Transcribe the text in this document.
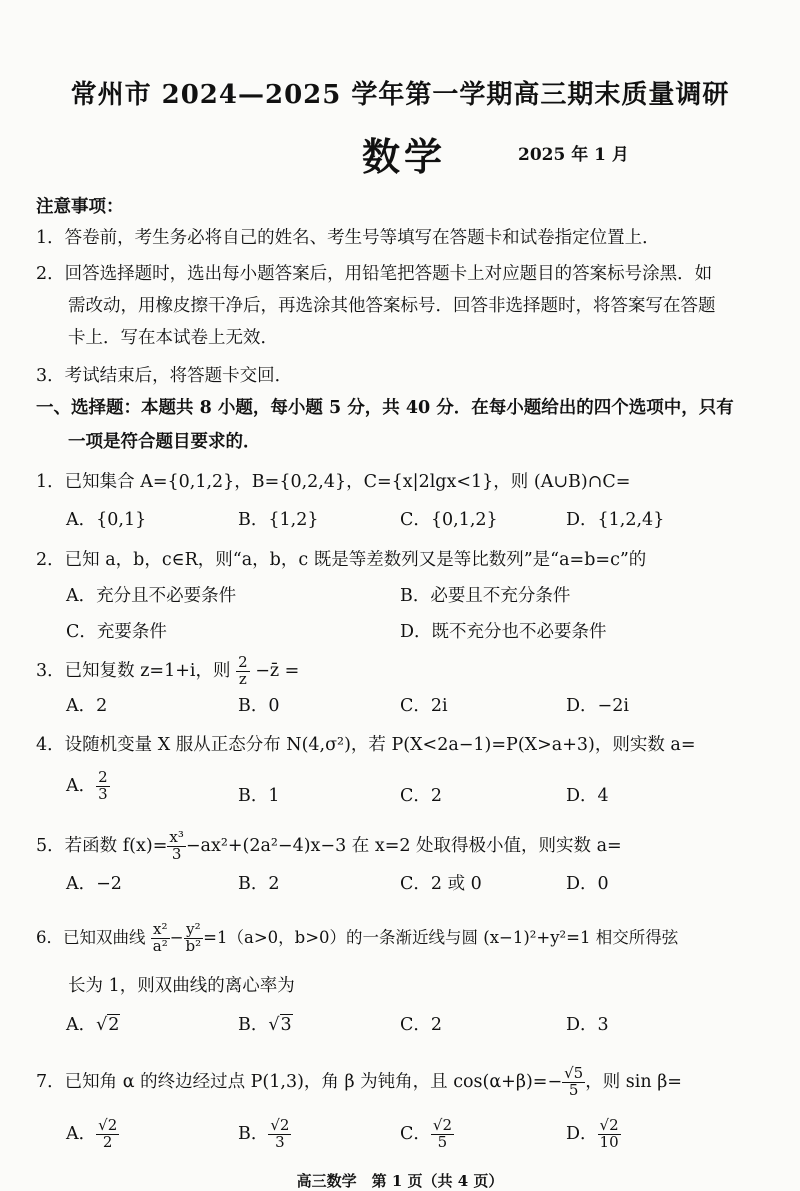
常州市 2024—2025 学年第一学期高三期末质量调研
数学	2025 年 1 月
注意事项：
1．答卷前，考生务必将自己的姓名、考生号等填写在答题卡和试卷指定位置上．
2．回答选择题时，选出每小题答案后，用铅笔把答题卡上对应题目的答案标号涂黑．如
需改动，用橡皮擦干净后，再选涂其他答案标号．回答非选择题时，将答案写在答题
卡上．写在本试卷上无效．
3．考试结束后，将答题卡交回．
一、选择题：本题共 8 小题，每小题 5 分，共 40 分．在每小题给出的四个选项中，只有
一项是符合题目要求的．
1．已知集合 A={0,1,2}，B={0,2,4}，C={x|2lgx<1}，则 (A∪B)∩C=
A．{0,1}	B．{1,2}	C．{0,1,2}	D．{1,2,4}
2．已知 a，b，c∈R，则“a，b，c 既是等差数列又是等比数列”是“a=b=c”的
A．充分且不必要条件	B．必要且不充分条件
C．充要条件	D．既不充分也不必要条件
3．已知复数 z=1+i，则 $\frac{2}{z}$ −z̄ =
A．2	B．0	C．2i	D．−2i
4．设随机变量 X 服从正态分布 N(4,σ²)，若 P(X<2a−1)=P(X>a+3)，则实数 a=
A． $\frac{2}{3}$	B．1	C．2	D．4
5．若函数 $f(x)= \frac{\text{x³}}{3} -ax^2+(2a^2-4)x-3$ 在 x=2 处取得极小值，则实数 a=
A．−2	B．2	C．2 或 0	D．0
6．已知双曲线 $\frac{\text{x²}}{\text{a²}} - \frac{\text{y²}}{\text{b²}} =1(a>0$，b>0）的一条渐近线与圆 (x−1)²+y²=1 相交所得弦
长为 1，则双曲线的离心率为
A．√2	B．√3	C．2	D．3
7．已知角 α 的终边经过点 P(1,3)，角 β 为钝角，且 $\cos(\alpha+\beta)=- \frac{√5}{5}$ ，则 sin β=
A． $\frac{√2}{2}$	B． $\frac{√2}{3}$	C． $\frac{√2}{5}$	D． $\frac{√2}{10}$
高三数学　第 1 页（共 4 页）
